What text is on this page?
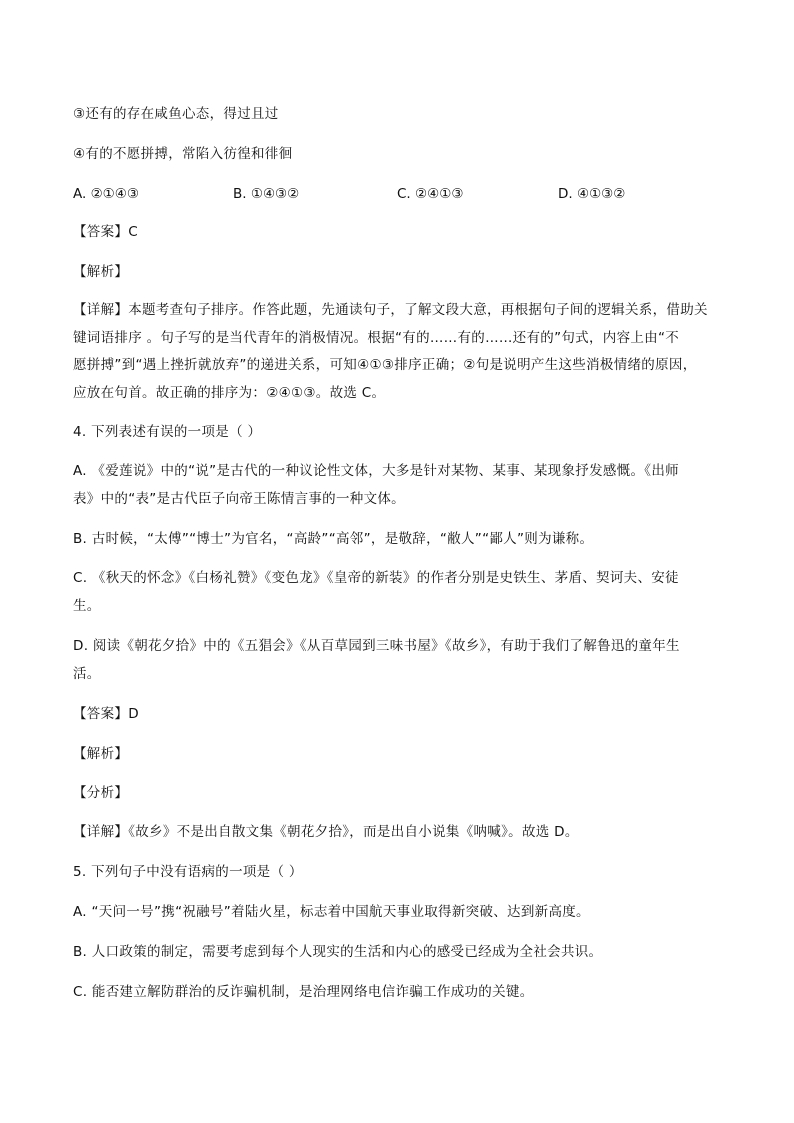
③还有的存在咸鱼心态，得过且过
④有的不愿拼搏，常陷入彷徨和徘徊
A. ②①④③	B. ①④③②	C. ②④①③	D. ④①③②
【答案】C
【解析】
【详解】本题考查句子排序。作答此题，先通读句子，了解文段大意，再根据句子间的逻辑关系，借助关
键词语排序 。句子写的是当代青年的消极情况。根据“有的……有的……还有的”句式，内容上由“不
愿拼搏”到“遇上挫折就放弃”的递进关系，可知④①③排序正确；②句是说明产生这些消极情绪的原因，
应放在句首。故正确的排序为：②④①③。故选 C。
4. 下列表述有误的一项是（ ）
A. 《爱莲说》中的“说”是古代的一种议论性文体，大多是针对某物、某事、某现象抒发感慨。《出师
表》中的“表”是古代臣子向帝王陈情言事的一种文体。
B. 古时候，“太傅”“博士”为官名，“高龄”“高邻”，是敬辞，“敝人”“鄙人”则为谦称。
C. 《秋天的怀念》《白杨礼赞》《变色龙》《皇帝的新装》的作者分别是史铁生、茅盾、契诃夫、安徒
生。
D. 阅读《朝花夕拾》中的《五猖会》《从百草园到三味书屋》《故乡》，有助于我们了解鲁迅的童年生
活。
【答案】D
【解析】
【分析】
【详解】《故乡》不是出自散文集《朝花夕拾》，而是出自小说集《呐喊》。故选 D。
5. 下列句子中没有语病的一项是（ ）
A. “天问一号”携“祝融号”着陆火星，标志着中国航天事业取得新突破、达到新高度。
B. 人口政策的制定，需要考虑到每个人现实的生活和内心的感受已经成为全社会共识。
C. 能否建立解防群治的反诈骗机制，是治理网络电信诈骗工作成功的关键。
